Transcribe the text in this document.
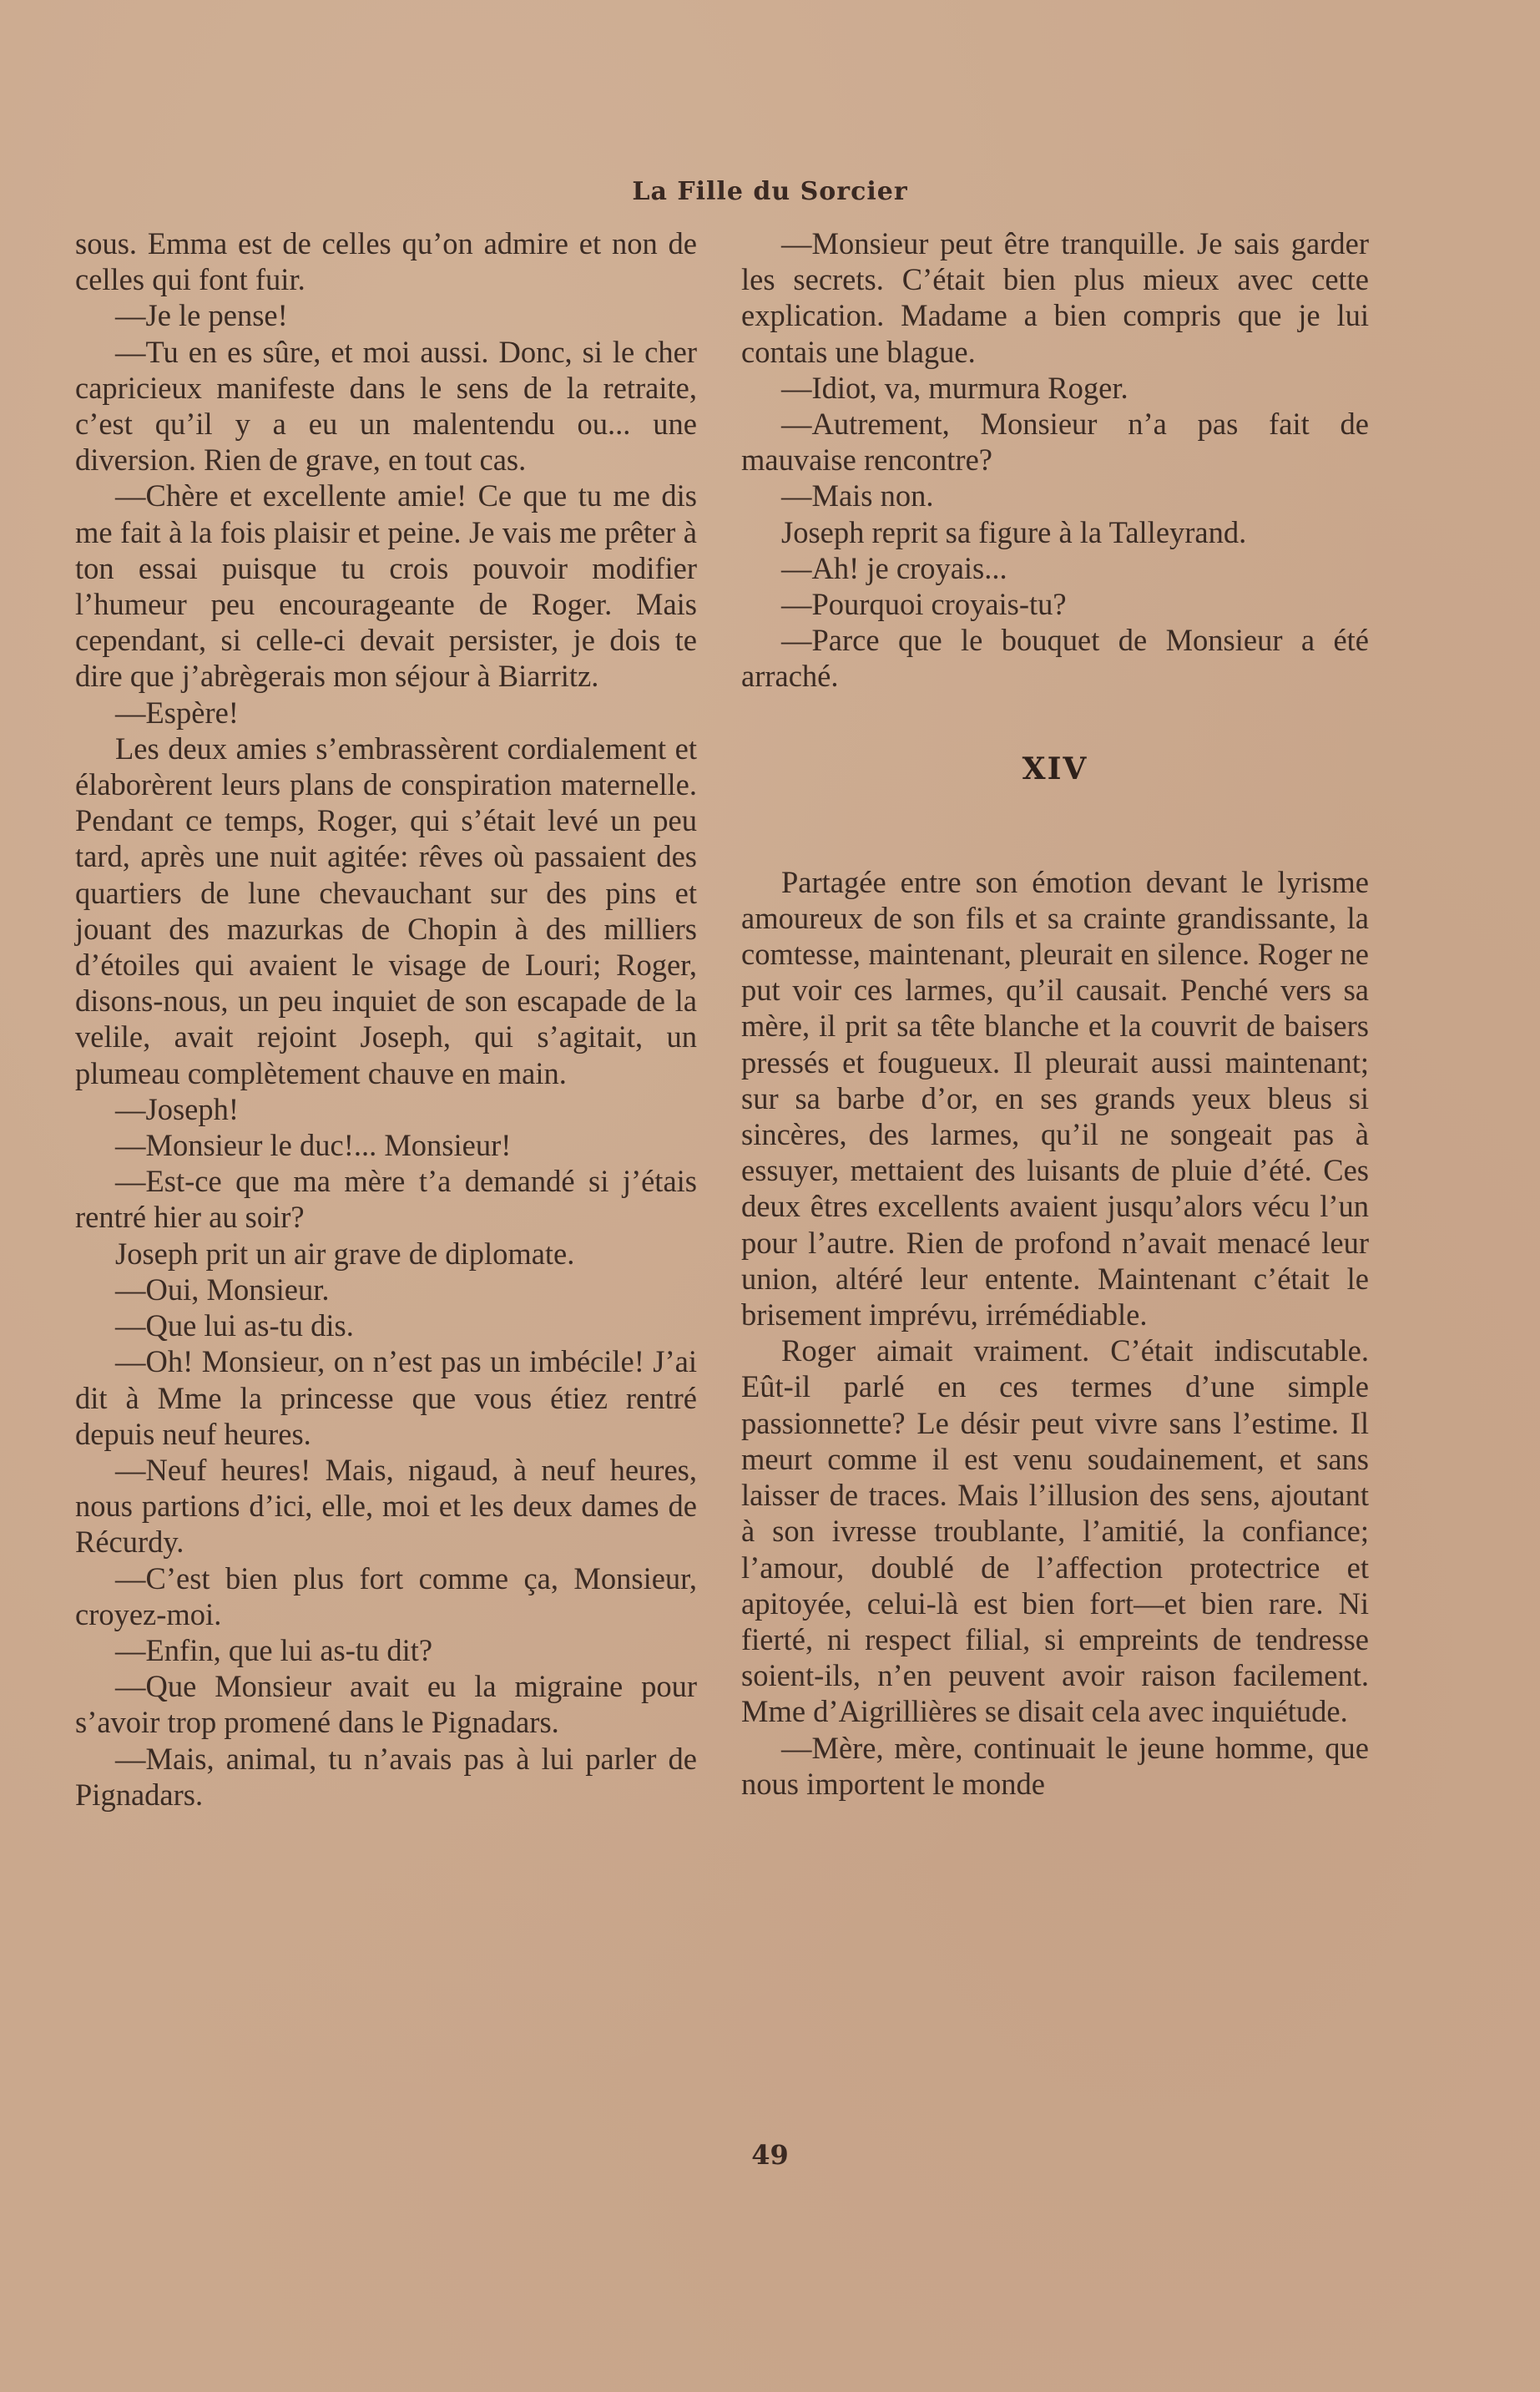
La Fille du Sorcier

sous. Emma est de celles qu’on admire et non de celles qui font fuir.

—Je le pense!

—Tu en es sûre, et moi aussi. Donc, si le cher capricieux manifeste dans le sens de la retraite, c’est qu’il y a eu un malentendu ou... une diversion. Rien de grave, en tout cas.

—Chère et excellente amie! Ce que tu me dis me fait à la fois plaisir et peine. Je vais me prêter à ton essai puisque tu crois pouvoir modifier l’humeur peu encourageante de Roger. Mais cependant, si celle-ci devait persister, je dois te dire que j’abrègerais mon séjour à Biarritz.

—Espère!

Les deux amies s’embrassèrent cordialement et élaborèrent leurs plans de conspiration maternelle. Pendant ce temps, Roger, qui s’était levé un peu tard, après une nuit agitée: rêves où passaient des quartiers de lune chevauchant sur des pins et jouant des mazurkas de Chopin à des milliers d’étoiles qui avaient le visage de Louri; Roger, disons-nous, un peu inquiet de son escapade de la velile, avait rejoint Joseph, qui s’agitait, un plumeau complètement chauve en main.

—Joseph!

—Monsieur le duc!... Monsieur!

—Est-ce que ma mère t’a demandé si j’étais rentré hier au soir?

Joseph prit un air grave de diplomate.

—Oui, Monsieur.

—Que lui as-tu dis.

—Oh! Monsieur, on n’est pas un imbécile! J’ai dit à Mme la princesse que vous étiez rentré depuis neuf heures.

—Neuf heures! Mais, nigaud, à neuf heures, nous partions d’ici, elle, moi et les deux dames de Récurdy.

—C’est bien plus fort comme ça, Monsieur, croyez-moi.

—Enfin, que lui as-tu dit?

—Que Monsieur avait eu la migraine pour s’avoir trop promené dans le Pignadars.

—Mais, animal, tu n’avais pas à lui parler de Pignadars.

—Monsieur peut être tranquille. Je sais garder les secrets. C’était bien plus mieux avec cette explication. Madame a bien compris que je lui contais une blague.

—Idiot, va, murmura Roger.

—Autrement, Monsieur n’a pas fait de mauvaise rencontre?

—Mais non.

Joseph reprit sa figure à la Talleyrand.

—Ah! je croyais...

—Pourquoi croyais-tu?

—Parce que le bouquet de Monsieur a été arraché.

XIV

Partagée entre son émotion devant le lyrisme amoureux de son fils et sa crainte grandissante, la comtesse, maintenant, pleurait en silence. Roger ne put voir ces larmes, qu’il causait. Penché vers sa mère, il prit sa tête blanche et la couvrit de baisers pressés et fougueux. Il pleurait aussi maintenant; sur sa barbe d’or, en ses grands yeux bleus si sincères, des larmes, qu’il ne songeait pas à essuyer, mettaient des luisants de pluie d’été. Ces deux êtres excellents avaient jusqu’alors vécu l’un pour l’autre. Rien de profond n’avait menacé leur union, altéré leur entente. Maintenant c’était le brisement imprévu, irrémédiable.

Roger aimait vraiment. C’était indiscutable. Eût-il parlé en ces termes d’une simple passionnette? Le désir peut vivre sans l’estime. Il meurt comme il est venu soudainement, et sans laisser de traces. Mais l’illusion des sens, ajoutant à son ivresse troublante, l’amitié, la confiance; l’amour, doublé de l’affection protectrice et apitoyée, celui-là est bien fort—et bien rare. Ni fierté, ni respect filial, si empreints de tendresse soient-ils, n’en peuvent avoir raison facilement. Mme d’Aigrillières se disait cela avec inquiétude.

—Mère, mère, continuait le jeune homme, que nous importent le monde

49
